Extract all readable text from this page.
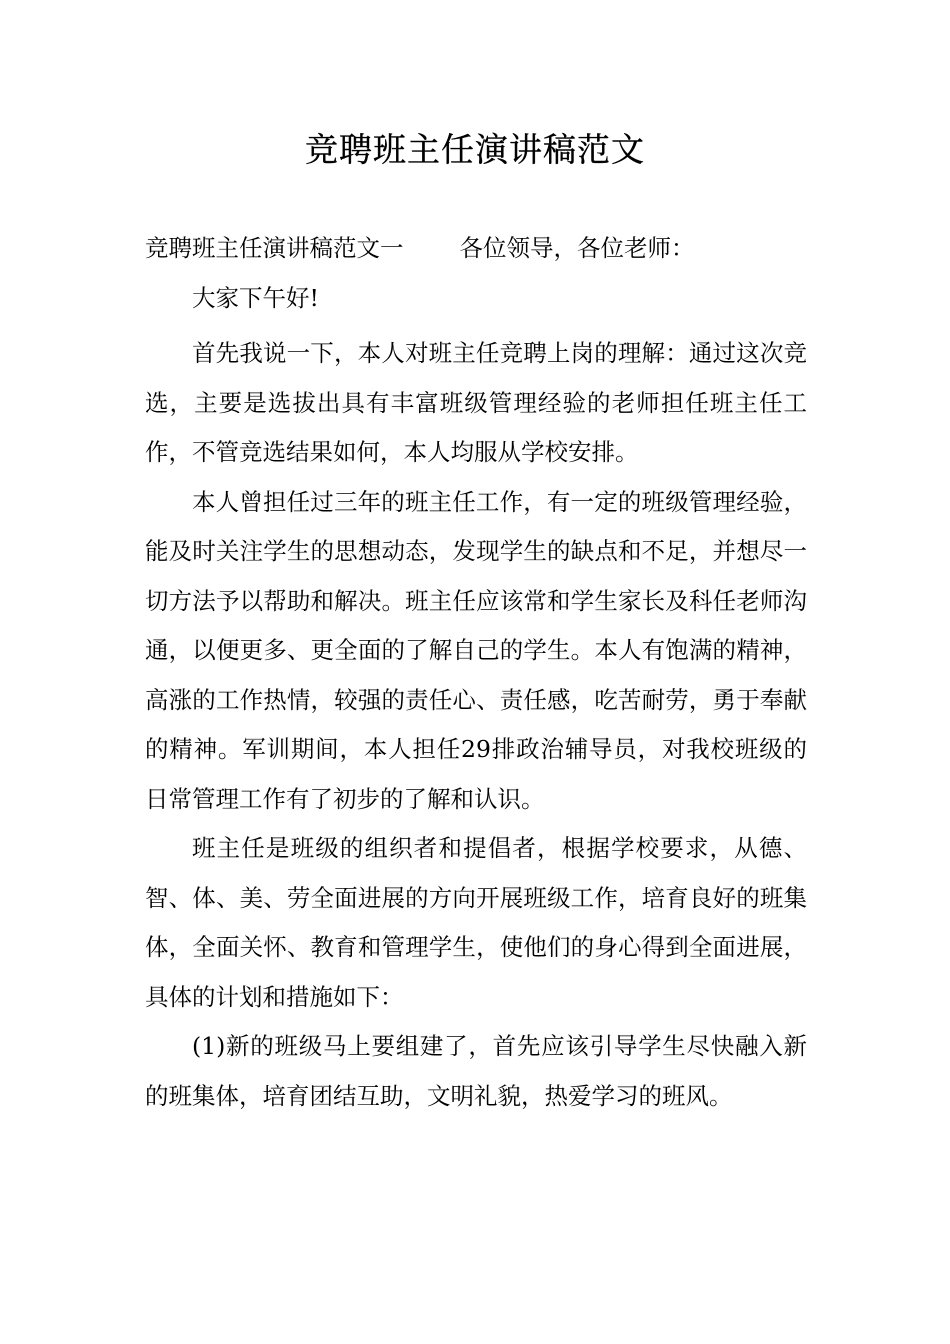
竞聘班主任演讲稿范文

竞聘班主任演讲稿范文一 各位领导，各位老师：

大家下午好!

首先我说一下，本人对班主任竞聘上岗的理解：通过这次竞选，主要是选拔出具有丰富班级管理经验的老师担任班主任工作，不管竞选结果如何，本人均服从学校安排。

本人曾担任过三年的班主任工作，有一定的班级管理经验，能及时关注学生的思想动态，发现学生的缺点和不足，并想尽一切方法予以帮助和解决。班主任应该常和学生家长及科任老师沟通，以便更多、更全面的了解自己的学生。本人有饱满的精神，高涨的工作热情，较强的责任心、责任感，吃苦耐劳，勇于奉献的精神。军训期间，本人担任29排政治辅导员，对我校班级的日常管理工作有了初步的了解和认识。

班主任是班级的组织者和提倡者，根据学校要求，从德、智、体、美、劳全面进展的方向开展班级工作，培育良好的班集体，全面关怀、教育和管理学生，使他们的身心得到全面进展，具体的计划和措施如下：

(1)新的班级马上要组建了，首先应该引导学生尽快融入新的班集体，培育团结互助，文明礼貌，热爱学习的班风。
